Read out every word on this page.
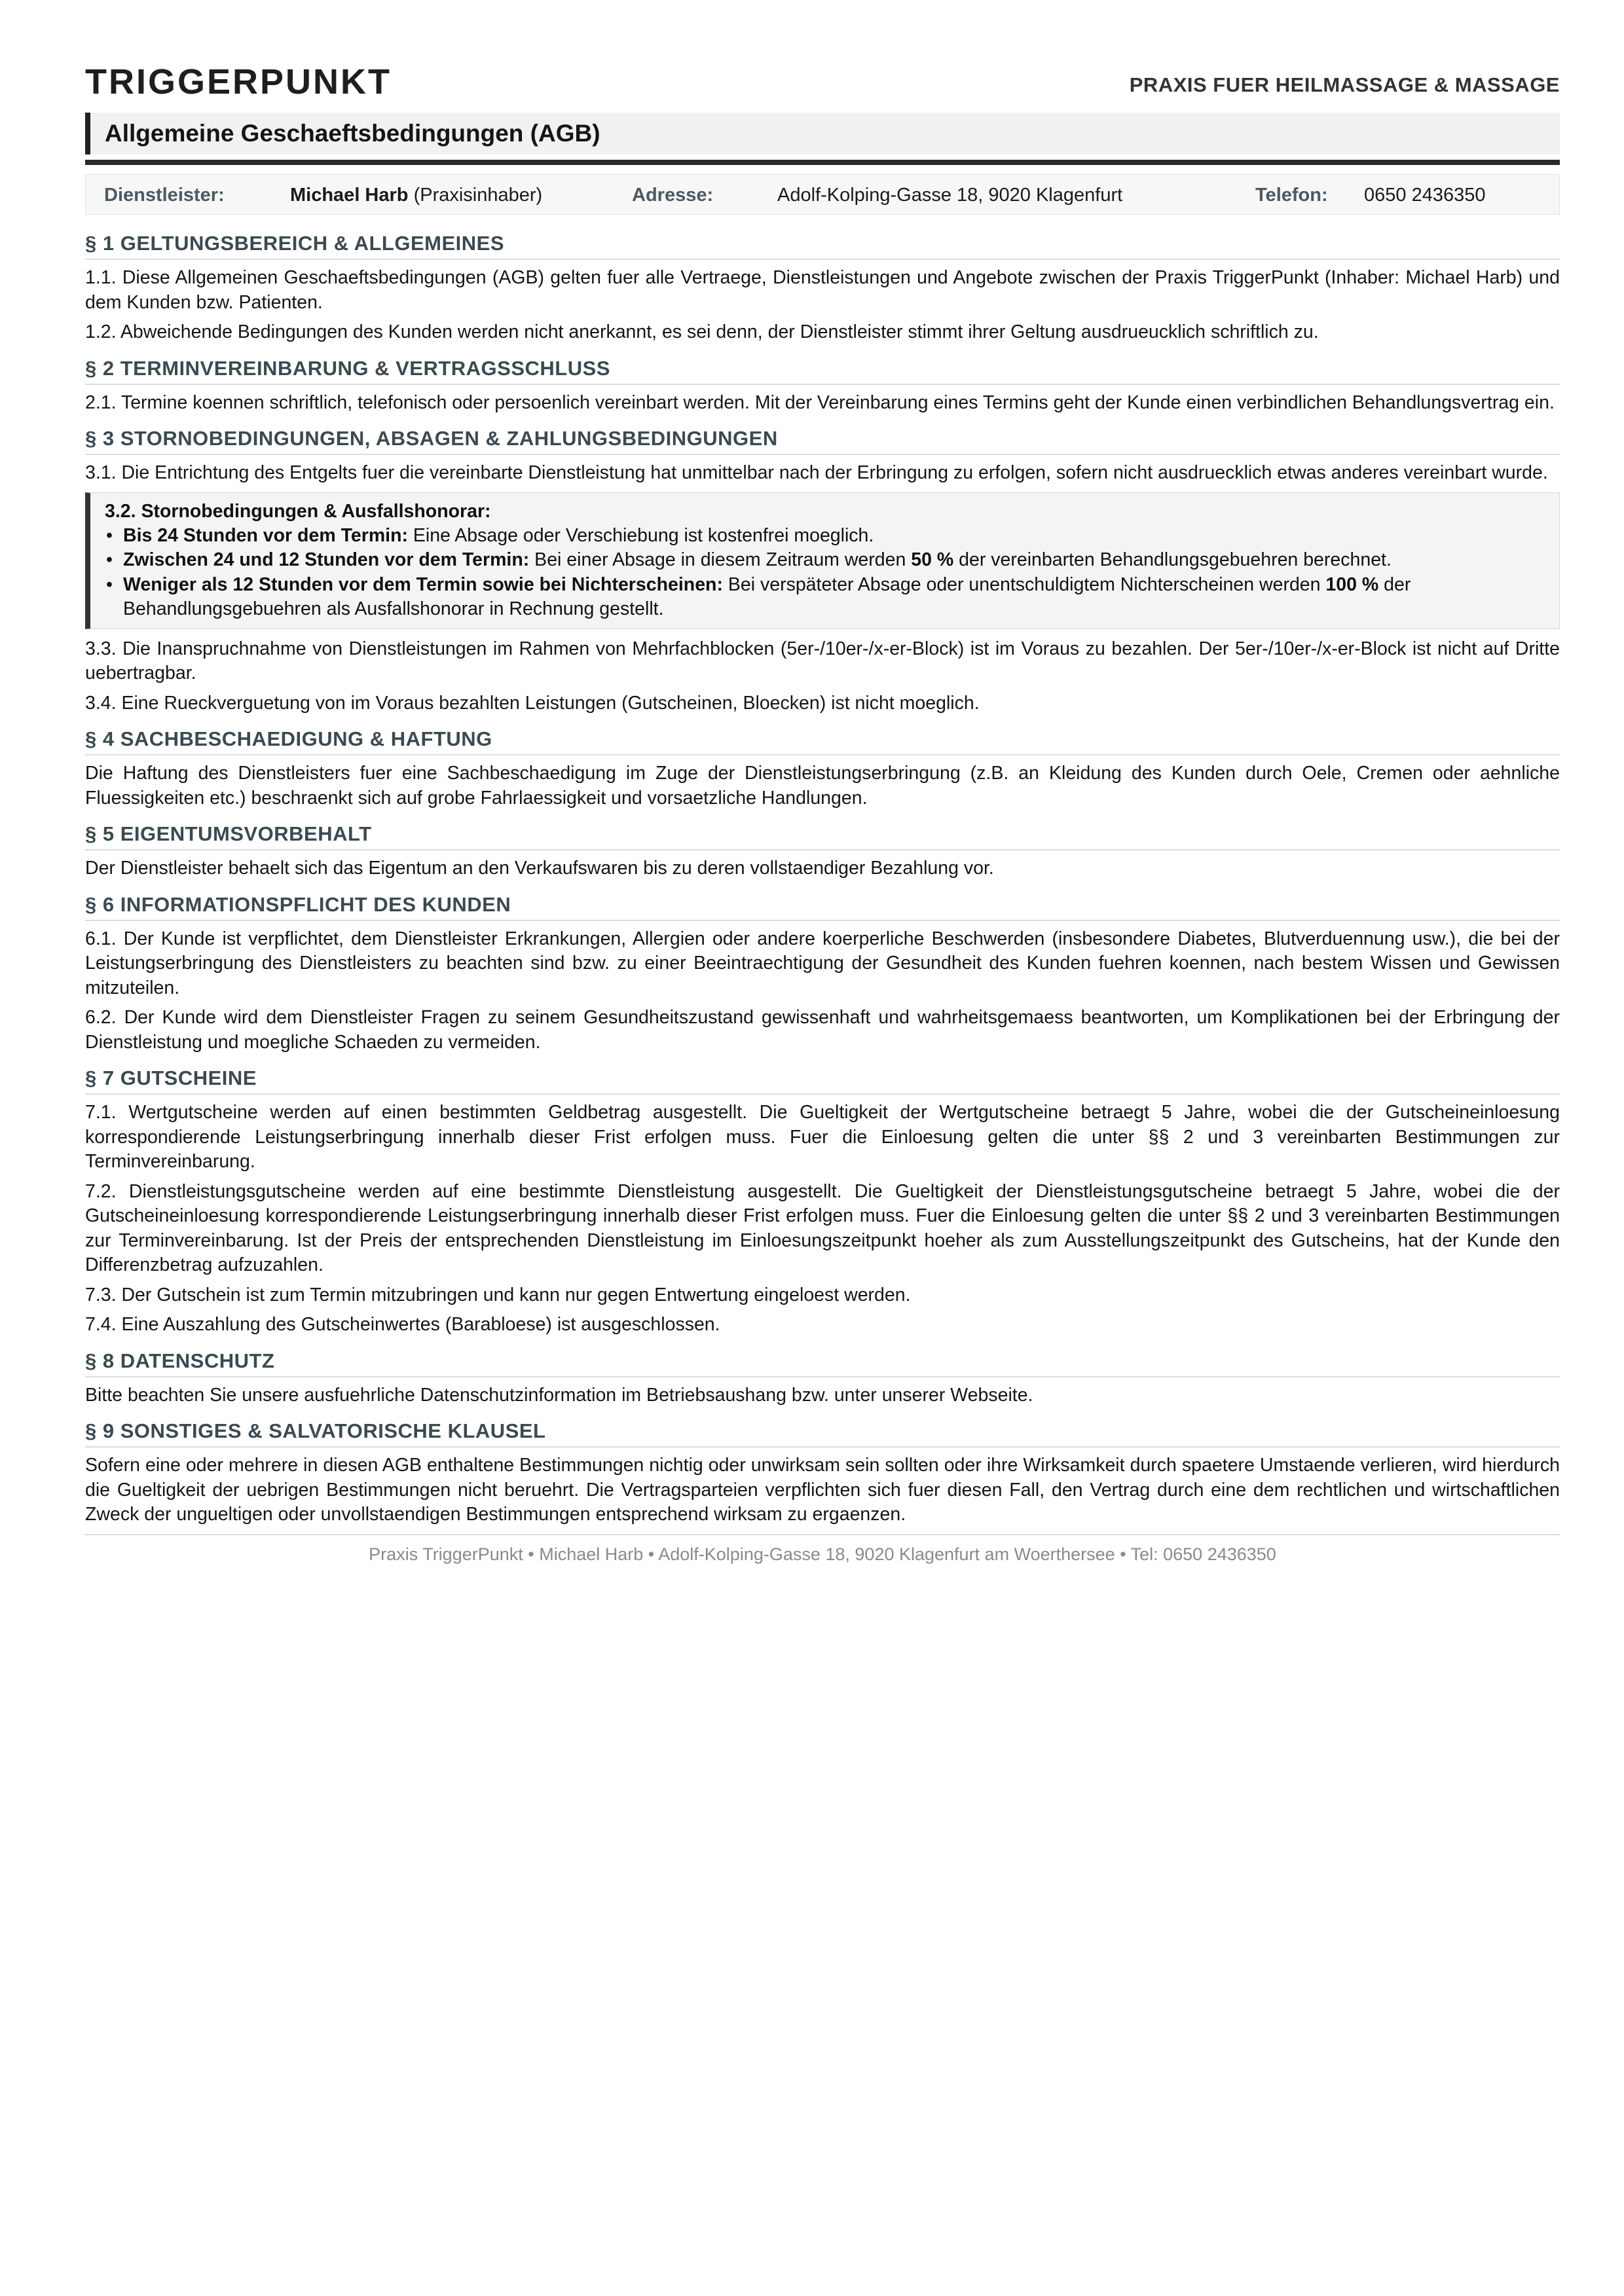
TRIGGERPUNKT	PRAXIS FUER HEILMASSAGE & MASSAGE
Allgemeine Geschaeftsbedingungen (AGB)
Dienstleister:	Michael Harb (Praxisinhaber)	Adresse:	Adolf-Kolping-Gasse 18, 9020 Klagenfurt	Telefon: 0650 2436350
§ 1 GELTUNGSBEREICH & ALLGEMEINES

1.1. Diese Allgemeinen Geschaeftsbedingungen (AGB) gelten fuer alle Vertraege, Dienstleistungen und Angebote zwischen der Praxis TriggerPunkt (Inhaber: Michael Harb) und dem Kunden bzw. Patienten.

1.2. Abweichende Bedingungen des Kunden werden nicht anerkannt, es sei denn, der Dienstleister stimmt ihrer Geltung ausdrueucklich schriftlich zu.

§ 2 TERMINVEREINBARUNG & VERTRAGSSCHLUSS

2.1. Termine koennen schriftlich, telefonisch oder persoenlich vereinbart werden. Mit der Vereinbarung eines Termins geht der Kunde einen verbindlichen Behandlungsvertrag ein.

§ 3 STORNOBEDINGUNGEN, ABSAGEN & ZAHLUNGSBEDINGUNGEN

3.1. Die Entrichtung des Entgelts fuer die vereinbarte Dienstleistung hat unmittelbar nach der Erbringung zu erfolgen, sofern nicht ausdruecklich etwas anderes vereinbart wurde.

3.2. Stornobedingungen & Ausfallshonorar:
• Bis 24 Stunden vor dem Termin: Eine Absage oder Verschiebung ist kostenfrei moeglich.
• Zwischen 24 und 12 Stunden vor dem Termin: Bei einer Absage in diesem Zeitraum werden 50 % der vereinbarten Behandlungsgebuehren berechnet.
• Weniger als 12 Stunden vor dem Termin sowie bei Nichterscheinen: Bei verspäteter Absage oder unentschuldigtem Nichterscheinen werden 100 % der Behandlungsgebuehren als Ausfallshonorar in Rechnung gestellt.

3.3. Die Inanspruchnahme von Dienstleistungen im Rahmen von Mehrfachblocken (5er-/10er-/x-er-Block) ist im Voraus zu bezahlen. Der 5er-/10er-/x-er-Block ist nicht auf Dritte uebertragbar.

3.4. Eine Rueckverguetung von im Voraus bezahlten Leistungen (Gutscheinen, Bloecken) ist nicht moeglich.

§ 4 SACHBESCHAEDIGUNG & HAFTUNG

Die Haftung des Dienstleisters fuer eine Sachbeschaedigung im Zuge der Dienstleistungserbringung (z.B. an Kleidung des Kunden durch Oele, Cremen oder aehnliche Fluessigkeiten etc.) beschraenkt sich auf grobe Fahrlaessigkeit und vorsaetzliche Handlungen.

§ 5 EIGENTUMSVORBEHALT

Der Dienstleister behaelt sich das Eigentum an den Verkaufswaren bis zu deren vollstaendiger Bezahlung vor.

§ 6 INFORMATIONSPFLICHT DES KUNDEN

6.1. Der Kunde ist verpflichtet, dem Dienstleister Erkrankungen, Allergien oder andere koerperliche Beschwerden (insbesondere Diabetes, Blutverduennung usw.), die bei der Leistungserbringung des Dienstleisters zu beachten sind bzw. zu einer Beeintraechtigung der Gesundheit des Kunden fuehren koennen, nach bestem Wissen und Gewissen mitzuteilen.

6.2. Der Kunde wird dem Dienstleister Fragen zu seinem Gesundheitszustand gewissenhaft und wahrheitsgemaess beantworten, um Komplikationen bei der Erbringung der Dienstleistung und moegliche Schaeden zu vermeiden.

§ 7 GUTSCHEINE

7.1. Wertgutscheine werden auf einen bestimmten Geldbetrag ausgestellt. Die Gueltigkeit der Wertgutscheine betraegt 5 Jahre, wobei die der Gutscheineinloesung korrespondierende Leistungserbringung innerhalb dieser Frist erfolgen muss. Fuer die Einloesung gelten die unter §§ 2 und 3 vereinbarten Bestimmungen zur Terminvereinbarung.

7.2. Dienstleistungsgutscheine werden auf eine bestimmte Dienstleistung ausgestellt. Die Gueltigkeit der Dienstleistungsgutscheine betraegt 5 Jahre, wobei die der Gutscheineinloesung korrespondierende Leistungserbringung innerhalb dieser Frist erfolgen muss. Fuer die Einloesung gelten die unter §§ 2 und 3 vereinbarten Bestimmungen zur Terminvereinbarung. Ist der Preis der entsprechenden Dienstleistung im Einloesungszeitpunkt hoeher als zum Ausstellungszeitpunkt des Gutscheins, hat der Kunde den Differenzbetrag aufzuzahlen.

7.3. Der Gutschein ist zum Termin mitzubringen und kann nur gegen Entwertung eingeloest werden.

7.4. Eine Auszahlung des Gutscheinwertes (Barabloese) ist ausgeschlossen.

§ 8 DATENSCHUTZ

Bitte beachten Sie unsere ausfuehrliche Datenschutzinformation im Betriebsaushang bzw. unter unserer Webseite.

§ 9 SONSTIGES & SALVATORISCHE KLAUSEL

Sofern eine oder mehrere in diesen AGB enthaltene Bestimmungen nichtig oder unwirksam sein sollten oder ihre Wirksamkeit durch spaetere Umstaende verlieren, wird hierdurch die Gueltigkeit der uebrigen Bestimmungen nicht beruehrt. Die Vertragsparteien verpflichten sich fuer diesen Fall, den Vertrag durch eine dem rechtlichen und wirtschaftlichen Zweck der ungueltigen oder unvollstaendigen Bestimmungen entsprechend wirksam zu ergaenzen.

Praxis TriggerPunkt • Michael Harb • Adolf-Kolping-Gasse 18, 9020 Klagenfurt am Woerthersee • Tel: 0650 2436350
